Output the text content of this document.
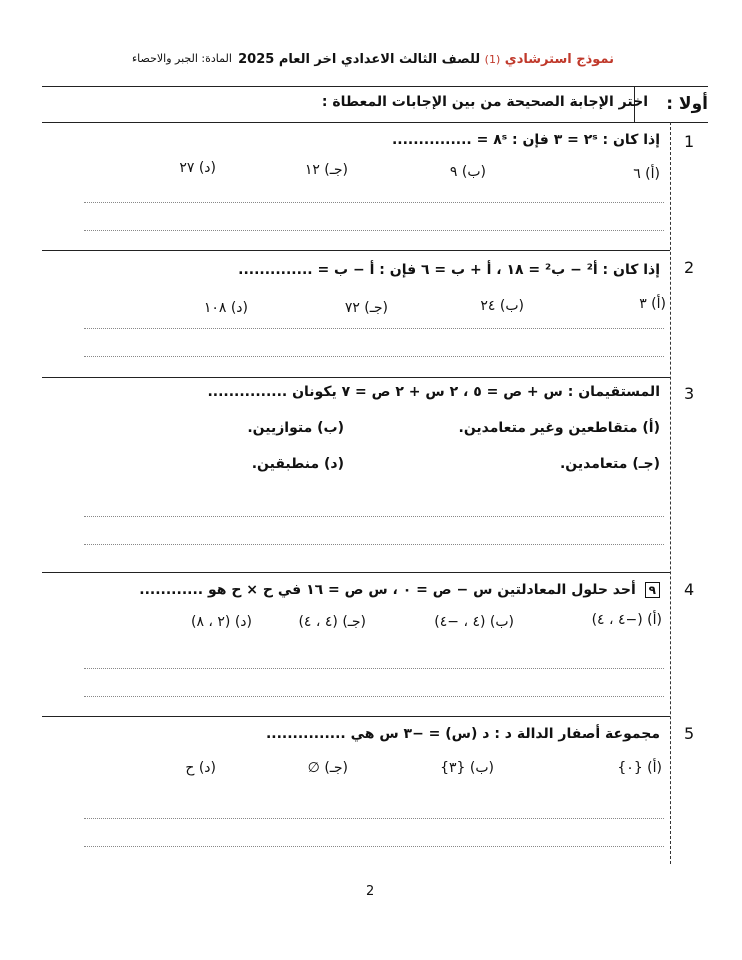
نموذج استرشادي (1) للصف الثالث الاعدادي اخر العام 2025
المادة: الجبر والاحصاء
أولا :
اختر الإجابة الصحيحة من بين الإجابات المعطاة :
1
إذا كان : ٢ˢ = ٣ فإن : ٨ˢ = ...............
(أ) ٦
(ب) ٩
(جـ) ١٢
(د) ٢٧
2
إذا كان : أ² − ب² = ١٨ ، أ + ب = ٦ فإن : أ − ب = ..............
(أ) ٣
(ب) ٢٤
(جـ) ٧٢
(د) ١٠٨
3
المستقيمان : س + ص = ٥ ، ٢ س + ٢ ص = ٧ يكونان ...............
(أ) متقاطعين وغير متعامدين.
(ب) متوازيين.
(جـ) متعامدين.
(د) منطبقين.
4
٩ أحد حلول المعادلتين س − ص = ٠ ، س ص = ١٦ في ح × ح هو ............
(أ) (−٤ ، ٤)
(ب) (٤ ، −٤)
(جـ) (٤ ، ٤)
(د) (٢ ، ٨)
5
مجموعة أصفار الدالة د : د (س) = −٣ س هي ...............
(أ) {٠}
(ب) {٣}
(جـ) ∅
(د) ح
2
